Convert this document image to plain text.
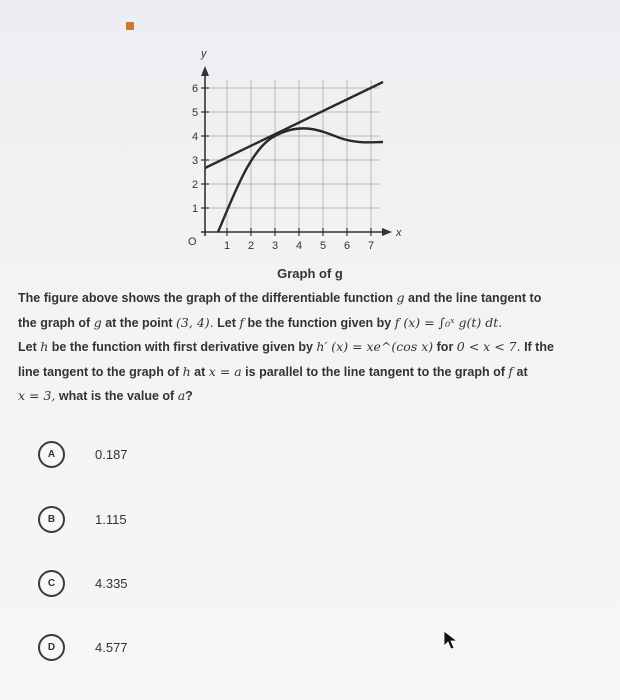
y
x
O
1
2
3
4
5
6
1 2 3 4 5 6 7
Graph of g

The figure above shows the graph of the differentiable function g and the line tangent to

the graph of g at the point (3, 4). Let f be the function given by f (x) = ∫₀ˣ g(t) dt.

Let h be the function with first derivative given by h′ (x) = xe^(cos x) for 0 < x < 7. If the

line tangent to the graph of h at x = a is parallel to the line tangent to the graph of f at

x = 3, what is the value of a?

A	0.187
B	1.115
C	4.335
D	4.577
